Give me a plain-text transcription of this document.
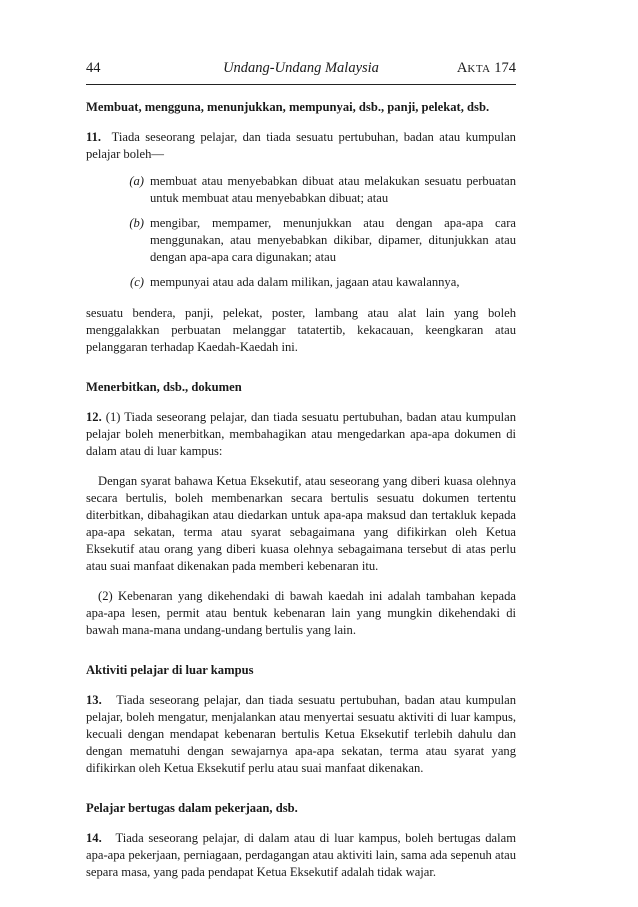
44	Undang-Undang Malaysia	AKTA 174

Membuat, mengguna, menunjukkan, mempunyai, dsb., panji, pelekat, dsb.

11. Tiada seseorang pelajar, dan tiada sesuatu pertubuhan, badan atau kumpulan pelajar boleh—

(a) membuat atau menyebabkan dibuat atau melakukan sesuatu perbuatan untuk membuat atau menyebabkan dibuat; atau

(b) mengibar, mempamer, menunjukkan atau dengan apa-apa cara menggunakan, atau menyebabkan dikibar, dipamer, ditunjukkan atau dengan apa-apa cara digunakan; atau

(c) mempunyai atau ada dalam milikan, jagaan atau kawalannya,

sesuatu bendera, panji, pelekat, poster, lambang atau alat lain yang boleh menggalakkan perbuatan melanggar tatatertib, kekacauan, keengkaran atau pelanggaran terhadap Kaedah-Kaedah ini.

Menerbitkan, dsb., dokumen

12. (1) Tiada seseorang pelajar, dan tiada sesuatu pertubuhan, badan atau kumpulan pelajar boleh menerbitkan, membahagikan atau mengedarkan apa-apa dokumen di dalam atau di luar kampus:

Dengan syarat bahawa Ketua Eksekutif, atau seseorang yang diberi kuasa olehnya secara bertulis, boleh membenarkan secara bertulis sesuatu dokumen tertentu diterbitkan, dibahagikan atau diedarkan untuk apa-apa maksud dan tertakluk kepada apa-apa sekatan, terma atau syarat sebagaimana yang difikirkan oleh Ketua Eksekutif atau orang yang diberi kuasa olehnya sebagaimana tersebut di atas perlu atau suai manfaat dikenakan pada memberi kebenaran itu.

(2) Kebenaran yang dikehendaki di bawah kaedah ini adalah tambahan kepada apa-apa lesen, permit atau bentuk kebenaran lain yang mungkin dikehendaki di bawah mana-mana undang-undang bertulis yang lain.

Aktiviti pelajar di luar kampus

13. Tiada seseorang pelajar, dan tiada sesuatu pertubuhan, badan atau kumpulan pelajar, boleh mengatur, menjalankan atau menyertai sesuatu aktiviti di luar kampus, kecuali dengan mendapat kebenaran bertulis Ketua Eksekutif terlebih dahulu dan dengan mematuhi dengan sewajarnya apa-apa sekatan, terma atau syarat yang difikirkan oleh Ketua Eksekutif perlu atau suai manfaat dikenakan.

Pelajar bertugas dalam pekerjaan, dsb.

14. Tiada seseorang pelajar, di dalam atau di luar kampus, boleh bertugas dalam apa-apa pekerjaan, perniagaan, perdagangan atau aktiviti lain, sama ada sepenuh atau separa masa, yang pada pendapat Ketua Eksekutif adalah tidak wajar.
